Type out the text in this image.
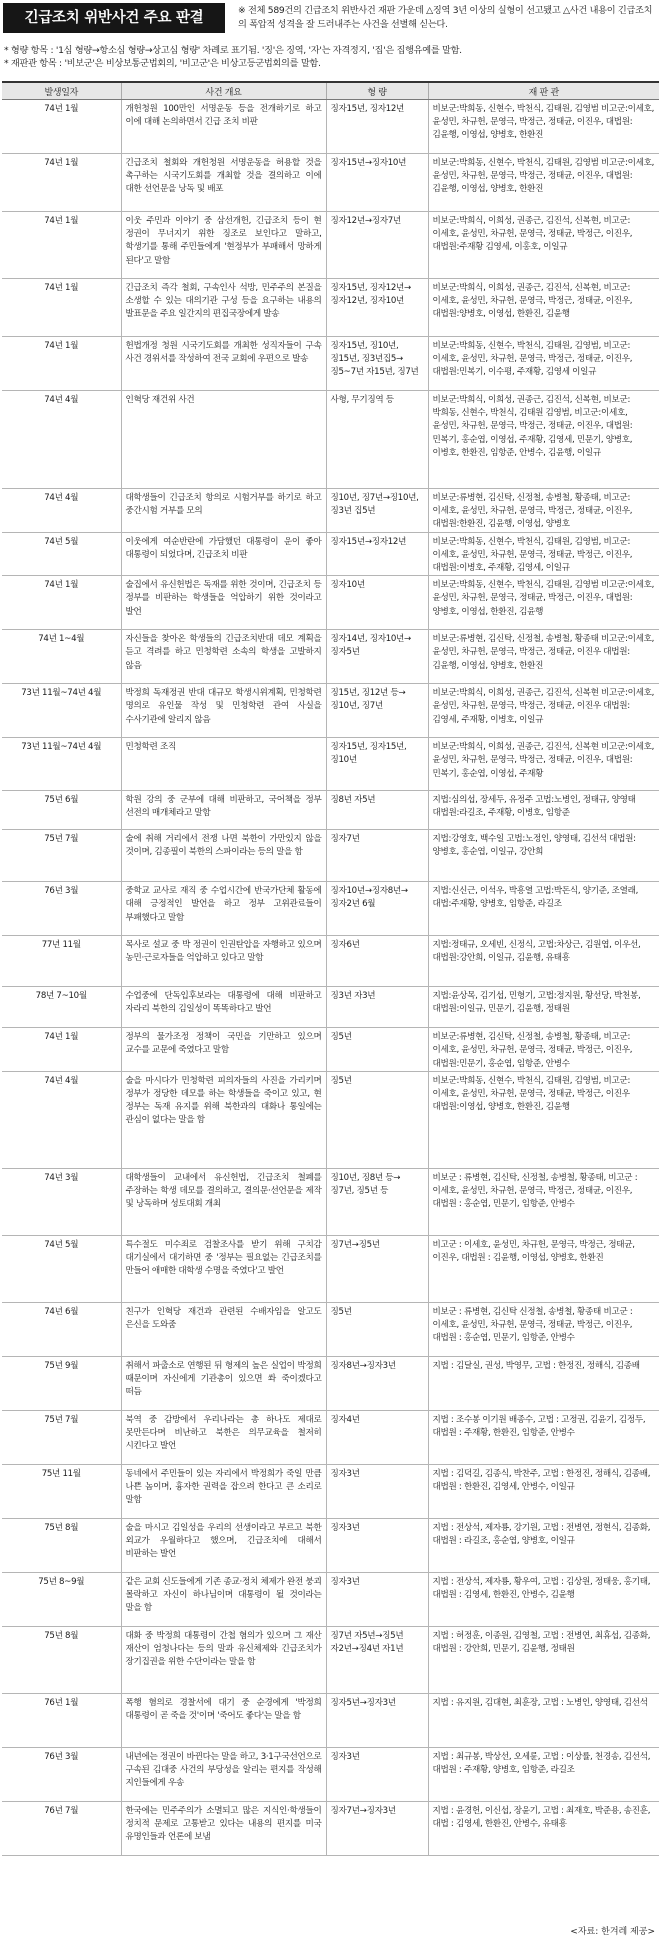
긴급조치 위반사건 주요 판결	※ 전체 589건의 긴급조치 위반사건 재판 가운데 △징역 3년 이상의 실형이 선고됐고 △사건 내용이 긴급조치의 폭압적 성격을 잘 드러내주는 사건을 선별해 싣는다.
* 형량 항목 : '1심 형량→항소심 형량→상고심 형량' 차례로 표기됨. '징'은 징역, '자'는 자격정지, '집'은 집행유예를 말함.
* 재판관 항목 : '비보군'은 비상보통군법회의, '비고군'은 비상고등군법회의를 말함.
발생일자	사건 개요	형 량	재 판 관
74년 1월	개헌청원 100만인 서명운동 등을 전개하기로 하고 이에 대해 논의하면서 긴급 조치 비판	징자15년, 징자12년	비보군:박희동, 신현수, 박천식, 김태원, 김영범 비고군:이세호, 윤성민, 차규헌, 문영극, 박정근, 정태균, 이진우, 대법원:김윤행, 이영섭, 양병호, 한환진
74년 1월	긴급조치 철회와 개헌청원 서명운동을 허용할 것을 촉구하는 시국기도회를 개최할 것을 결의하고 이에 대한 선언문을 낭독 및 배포	징자15년→징자10년	비보군:박희동, 신현수, 박천식, 김태원, 김영범 비고군:이세호, 윤성민, 차규헌, 문영극, 박정근, 정태균, 이진우, 대법원:김윤행, 이영섭, 양병호, 한환진
74년 1월	이웃 주민과 이야기 중 삼선개헌, 긴급조치 등이 현 정권이 무너지기 위한 징조로 보인다고 말하고, 학생기를 통해 주민들에게 '현정부가 부패해서 망하게 된다'고 말함	징자12년→징자7년	비보군:박희식, 이희성, 권종근, 김진석, 신복현, 비고군:이세호, 윤성민, 차규헌, 문영극, 정태균, 박정근, 이진우, 대법원:주재황 김영세, 이홍호, 이일규
74년 1월	긴급조치 즉각 철회, 구속인사 석방, 민주주의 본질을 소생할 수 있는 대의기관 구성 등을 요구하는 내용의 발표문을 주요 일간지의 편집국장에게 발송	징자15년, 징자12년→징자12년, 징자10년	비보군:박희식, 이희성, 권종근, 김진석, 신복현, 비고군:이세호, 윤성민, 차규헌, 문영극, 박정근, 정태균, 이진우, 대법원:양병호, 이영섭, 한환진, 김윤행
74년 1월	헌법개정 청원 시국기도회를 개최한 성직자들이 구속 사건 경위서를 작성하여 전국 교회에 우편으로 발송	징자15년, 징10년, 징15년, 징3년집5→징5~7년 자15년, 징7년	비보군:박희동, 신현수, 박천식, 김태원, 김영범, 비고군:이세호, 윤성민, 차규헌, 문영극, 박정근, 정태균, 이진우, 대법원:민복기, 이수평, 주재황, 김영세 이일규
74년 4월	인혁당 재건위 사건	사형, 무기징역 등	비보군:박희식, 이희성, 권종근, 김진석, 신복현, 비보군: 박희동, 신현수, 박천식, 김태원 김영범, 비고군:이세호, 윤성민, 차규헌, 문영극, 박정근, 정태균, 이진우, 대법원:민복기, 홍순엽, 이영섭, 주재황, 김영세, 민문기, 양병호, 이병호, 한환진, 임항준, 안병수, 김윤행, 이일규
74년 4월	대학생들이 긴급조치 항의로 시험거부를 하기로 하고 중간시험 거부를 모의	징10년, 징7년→징10년, 징3년 집5년	비보군:류병현, 김신탁, 신정철, 송병철, 황종태, 비고군:이세호, 윤성민, 차규헌, 문영극, 박정근, 정태균, 이진우, 대법원:한환진, 김윤행, 이영섭, 양병호
74년 5월	이웃에게 여순반란에 가담했던 대통령이 운이 좋아 대통령이 되었다며, 긴급조치 비판	징자15년→징자12년	비보군:박희동, 신현수, 박천식, 김태원, 김영범, 비고군:이세호, 윤성민, 차규헌, 문영극, 정태균, 박정근, 이진우, 대법원:이병호, 주재황, 김영세, 이일규
74년 1월	술집에서 유신헌법은 독재를 위한 것이며, 긴급조치 등 정부를 비판하는 학생들을 억압하기 위한 것이라고 발언	징자10년	비보군:박희동, 신현수, 박천식, 김태원, 김영범 비고군:이세호, 윤성민, 차규헌, 문영극, 정태균, 박정근, 이진우, 대법원:양병호, 이영섭, 한환진, 김윤행
74년 1~4월	자신들을 찾아온 학생들의 긴급조치반대 데모 계획을 듣고 격려를 하고 민청학련 소속의 학생을 고발하지 않음	징자14년, 징자10년→징자5년	비보군:류병현, 김신탁, 신정철, 송병철, 황종태 비고군:이세호, 윤성민, 차규헌, 문영극, 박정근, 정태균, 이진우 대법원:김윤행, 이영섭, 양병호, 한환진
73년 11월~74년 4월	박정희 독재정권 반대 대규모 학생시위계획, 민청학련 명의로 유인물 작성 및 민청학련 관여 사실을 수사기관에 알리지 않음	징15년, 징12년 등→징10년, 징7년	비보군:박희식, 이희성, 권종근, 김진석, 신복현 비고군:이세호, 윤성민, 차규헌, 문영극, 박정근, 정태균, 이진우 대법원:김영세, 주재황, 이병호, 이일규
73년 11월~74년 4월	민청학련 조직	징자15년, 징자15년, 징10년	비보군:박희식, 이희성, 권종근, 김진석, 신복현 비고군:이세호, 윤성민, 차규헌, 문영극, 박정근, 정태균, 이진우, 대법원:민복기, 홍순엽, 이영섭, 주재황
75년 6월	학원 강의 중 군부에 대해 비판하고, 국어책을 정부 선전의 매개체라고 말함	징8년 자5년	지법:심의섭, 장세두, 유정주 고법:노병인, 정태규, 양영태 대법원:라길조, 주재황, 이병호, 임항준
75년 7월	술에 취해 거리에서 전쟁 나면 북한이 가만있지 않을 것이며, 김종필이 북한의 스파이라는 등의 말을 함	징자7년	지법:강영호, 백수일 고법:노정인, 양영태, 김선석 대법원:양병호, 홍순엽, 이일규, 강안희
76년 3월	중학교 교사로 재직 중 수업시간에 반국가단체 활동에 대해 긍정적인 발언을 하고 정부 고위관료들이 부패했다고 말함	징자10년→징자8년→징자2년 6월	지법:신신근, 이석우, 박흥열 고법:박돈식, 양기준, 조열래, 대법:주재황, 양병호, 임항준, 라길조
77년 11월	목사로 설교 중 박 정권이 인권탄압을 자행하고 있으며 농민·근로자들을 억압하고 있다고 말함	징자6년	지법:정태규, 오세빈, 신정식, 고법:차상근, 김원엽, 이우선, 대법원:강안희, 이일규, 김윤행, 유태흥
78년 7~10월	수업중에 단독입후보라는 대통령에 대해 비판하고 자라리 북한의 김일성이 똑똑하다고 발언	징3년 자3년	지법:윤상목, 김기섭, 민형기, 고법:정지원, 황선당, 박천봉, 대법원:이일규, 민문기, 김윤행, 정태원
74년 1월	정부의 물가조정 정책이 국민을 기만하고 있으며 교수를 교문에 죽였다고 말함	징5년	비보군:류병현, 김신탁, 신정철, 송병철, 황종태, 비고군:이세호, 윤성민, 차규헌, 문영극, 정태균, 박정근, 이진우, 대법원:민문기, 홍순엽, 임항준, 안병수
74년 4월	술을 마시다가 민청학련 피의자들의 사진을 가리키며 정부가 정당한 데모를 하는 학생들을 죽이고 있고, 현 정부는 독재 유지를 위해 북한과의 대화나 통일에는 관심이 없다는 말을 함	징5년	비보군:박희동, 신현수, 박천식, 김태원, 김영범, 비고군:이세호, 윤성민, 차규헌, 문영극, 정태균, 박정근, 이진우 대법원:이영섭, 양병호, 한환진, 김윤행
74년 3월	대학생들이 교내에서 유신헌법, 긴급조치 철폐를 주장하는 학생 데모를 결의하고, 결의문·선언문을 제작 및 낭독하며 성토대회 개최	징10년, 징8년 등→징7년, 징5년 등	비보군 : 류병현, 김신탁, 신정철, 송병철, 황종태, 비고군 : 이세호, 윤성민, 차규헌, 문영극, 박정근, 정태균, 이진우, 대법원 : 홍순엽, 민문기, 임항준, 안병수
74년 5월	특수절도 미수죄로 검찰조사를 받기 위해 구치감 대기실에서 대기하면 중 '정부는 필요없는 긴급조치를 만들어 애매한 대학생 수명을 죽였다'고 발언	징7년→징5년	비고군 : 이세호, 윤성민, 차규헌, 문영극, 박정근, 정태균, 이진우, 대법원 : 김윤행, 이영섭, 양병호, 한환진
74년 6월	친구가 인혁당 재건과 관련된 수배자임을 알고도 은신을 도와줌	징5년	비보군 : 류병현, 김신탁 신정철, 송병철, 황종태 비고군 : 이세호, 윤성민, 차규헌, 문영극, 정태균, 박정근, 이진우, 대법원 : 홍순엽, 민문기, 임항준, 안병수
75년 9월	취해서 파출소로 연행된 뒤 형제의 높은 실업이 박정희 때문이며 자신에게 기관총이 있으면 쏴 죽이겠다고 떠듬	징자8년→징자3년	지법 : 김달실, 권성, 박영무, 고법 : 한정진, 정해식, 김종배
75년 7월	북역 중 감방에서 우리나라는 총 하나도 제대로 못만든다며 비난하고 북한은 의무교육을 철저히 시킨다고 발언	징자4년	지법 : 조수봉 이기원 배종수, 고법 : 고정권, 김윤기, 김정두, 대법원 : 주재황, 한환진, 임항준, 안병수
75년 11월	동네에서 주민들이 있는 자리에서 박정희가 죽일 만큼 나쁜 놈이며, 흉자한 권력을 잡으려 한다고 큰 소리로 말함	징자3년	지법 : 김덕길, 김종식, 박찬주, 고법 : 한정진, 정해식, 김종배, 대법원 : 한환진, 김영세, 안병수, 이일규
75년 8월	술을 마시고 김일성을 우리의 선생이라고 부르고 북한 외교가 우월하다고 했으며, 긴급조치에 대해서 비판하는 발언	징자3년	지법 : 전상석, 제자룡, 강기원, 고법 : 전병연, 정현식, 김종화, 대법원 : 라길조, 홍순엽, 양병호, 이일규
75년 8~9월	같은 교회 신도들에게 기존 종교·정치 체제가 완전 붕괴 몰락하고 자신이 하나님이며 대통령이 될 것이라는 말을 함	징자3년	지법 : 전상석, 제자룡, 황우여, 고법 : 김상원, 정태웅, 홍기태, 대법원 : 김영세, 한환진, 안병수, 김윤행
75년 8월	대화 중 박정희 대통령이 간첩 혐의가 있으며 그 재산 재산이 엄청나다는 등의 말과 유신체제와 긴급조치가 장기집권을 위한 수단이라는 말을 함	징7년 자5년→징5년 자2년→징4년 자1년	지법 : 허정훈, 이종원, 김영철, 고법 : 전병연, 최휴섭, 김종화, 대법원 : 강안희, 민문기, 김윤행, 정태원
76년 1월	폭행 혐의로 경찰서에 대기 중 순경에게 '박정희 대통령이 곧 죽을 것'이며 '죽어도 좋다'는 말을 함	징자5년→징자3년	지법 : 유지원, 김대현, 최훈장, 고법 : 노병인, 양영태, 김선석
76년 3월	내년에는 정권이 바뀐다는 말을 하고, 3·1구국선언으로 구속된 김대중 사건의 부당성을 알리는 편지를 작성해 지인들에게 우송	징자3년	지법 : 최규봉, 박상선, 오세륜, 고법 : 이상률, 천경송, 김선석, 대법원 : 주재황, 양병호, 임항준, 라길조
76년 7월	한국에는 민주주의가 소멸되고 많은 지식인·학생들이 정치적 문제로 고통받고 있다는 내용의 편지를 미국 유명인들과 언론에 보냄	징자7년→징자3년	지법 : 윤경헌, 이신섭, 장윤기, 고법 : 최재호, 박준용, 송진훈, 대법 : 김영세, 한환진, 안병수, 유태흥
<자료: 한겨레 제공>
